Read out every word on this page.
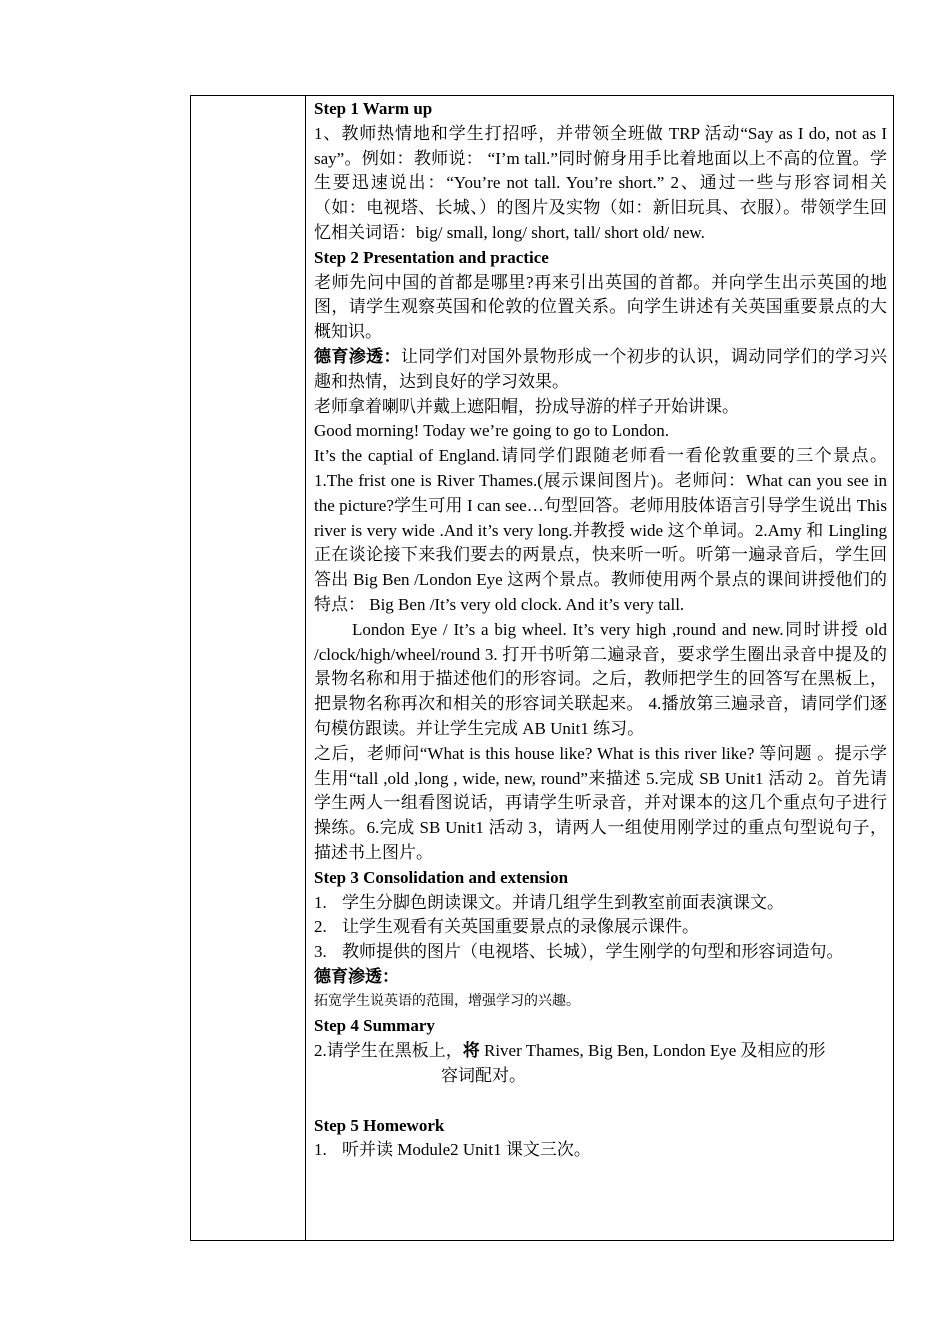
Step 1 Warm up

1、教师热情地和学生打招呼，并带领全班做 TRP 活动“Say as I do, not as I say”。例如：教师说： “I’m tall.”同时俯身用手比着地面以上不高的位置。学生要迅速说出：“You’re not tall. You’re short.” 2、通过一些与形容词相关（如：电视塔、长城、）的图片及实物（如：新旧玩具、衣服）。带领学生回忆相关词语：big/ small, long/ short, tall/ short old/ new.

Step 2 Presentation and practice

老师先问中国的首都是哪里?再来引出英国的首都。并向学生出示英国的地图，请学生观察英国和伦敦的位置关系。向学生讲述有关英国重要景点的大概知识。

德育渗透：让同学们对国外景物形成一个初步的认识，调动同学们的学习兴趣和热情，达到良好的学习效果。

老师拿着喇叭并戴上遮阳帽，扮成导游的样子开始讲课。

Good morning! Today we’re going to go to London.

It’s the captial of England.请同学们跟随老师看一看伦敦重要的三个景点。1.The frist one is River Thames.(展示课间图片)。老师问：What can you see in the picture?学生可用 I can see…句型回答。老师用肢体语言引导学生说出 This river is very wide .And it’s very long.并教授 wide 这个单词。2.Amy 和 Lingling 正在谈论接下来我们要去的两景点，快来听一听。听第一遍录音后，学生回答出 Big Ben /London Eye 这两个景点。教师使用两个景点的课间讲授他们的特点： Big Ben /It’s very old clock. And it’s very tall.

London Eye / It’s a big wheel. It’s very high ,round and new.同时讲授 old /clock/high/wheel/round 3. 打开书听第二遍录音，要求学生圈出录音中提及的景物名称和用于描述他们的形容词。之后，教师把学生的回答写在黑板上，把景物名称再次和相关的形容词关联起来。 4.播放第三遍录音，请同学们逐句模仿跟读。并让学生完成 AB Unit1 练习。

之后，老师问“What is this house like? What is this river like? 等问题 。提示学生用“tall ,old ,long , wide, new, round”来描述 5.完成 SB Unit1 活动 2。首先请学生两人一组看图说话，再请学生听录音，并对课本的这几个重点句子进行操练。6.完成 SB Unit1 活动 3，请两人一组使用刚学过的重点句型说句子，描述书上图片。

Step 3 Consolidation and extension

1. 学生分脚色朗读课文。并请几组学生到教室前面表演课文。

2. 让学生观看有关英国重要景点的录像展示课件。

3. 教师提供的图片（电视塔、长城），学生刚学的句型和形容词造句。

德育渗透：

拓宽学生说英语的范围，增强学习的兴趣。

Step 4 Summary

2.请学生在黑板上，将 River Thames, Big Ben, London Eye 及相应的形

容词配对。

Step 5 Homework

1. 听并读 Module2 Unit1 课文三次。
